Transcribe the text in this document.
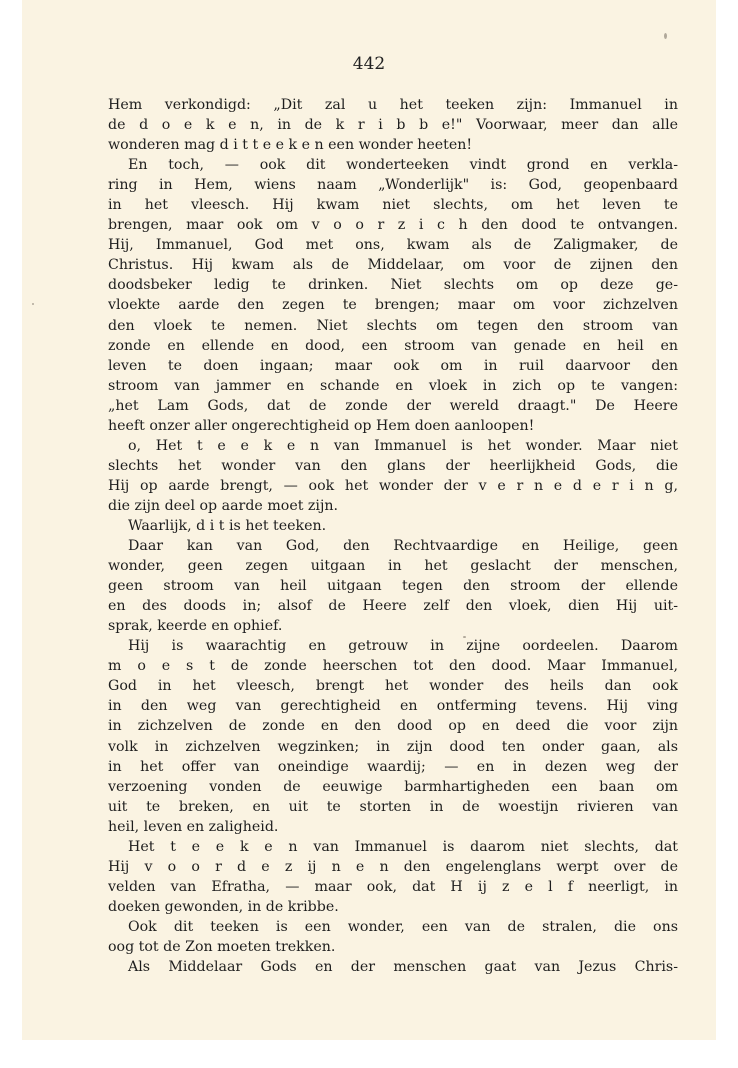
442
Hem verkondigd: „Dit zal u het teeken zijn: Immanuel in
de d o e k e n, in de k r i b b e!" Voorwaar, meer dan alle
wonderen mag d i t t e e k e n een wonder heeten!
En toch, — ook dit wonderteeken vindt grond en verkla-
ring in Hem, wiens naam „Wonderlijk" is: God, geopenbaard
in het vleesch. Hij kwam niet slechts, om het leven te
brengen, maar ook om v o o r z i c h den dood te ontvangen.
Hij, Immanuel, God met ons, kwam als de Zaligmaker, de
Christus. Hij kwam als de Middelaar, om voor de zijnen den
doodsbeker ledig te drinken. Niet slechts om op deze ge-
vloekte aarde den zegen te brengen; maar om voor zichzelven
den vloek te nemen. Niet slechts om tegen den stroom van
zonde en ellende en dood, een stroom van genade en heil en
leven te doen ingaan; maar ook om in ruil daarvoor den
stroom van jammer en schande en vloek in zich op te vangen:
„het Lam Gods, dat de zonde der wereld draagt." De Heere
heeft onzer aller ongerechtigheid op Hem doen aanloopen!
o, Het t e e k e n van Immanuel is het wonder. Maar niet
slechts het wonder van den glans der heerlijkheid Gods, die
Hij op aarde brengt, — ook het wonder der v e r n e d e r i n g,
die zijn deel op aarde moet zijn.
Waarlijk, d i t is het teeken.
Daar kan van God, den Rechtvaardige en Heilige, geen
wonder, geen zegen uitgaan in het geslacht der menschen,
geen stroom van heil uitgaan tegen den stroom der ellende
en des doods in; alsof de Heere zelf den vloek, dien Hij uit-
sprak, keerde en ophief.
Hij is waarachtig en getrouw in zijne oordeelen. Daarom
m o e s t de zonde heerschen tot den dood. Maar Immanuel,
God in het vleesch, brengt het wonder des heils dan ook
in den weg van gerechtigheid en ontferming tevens. Hij ving
in zichzelven de zonde en den dood op en deed die voor zijn
volk in zichzelven wegzinken; in zijn dood ten onder gaan, als
in het offer van oneindige waardij; — en in dezen weg der
verzoening vonden de eeuwige barmhartigheden een baan om
uit te breken, en uit te storten in de woestijn rivieren van
heil, leven en zaligheid.
Het t e e k e n van Immanuel is daarom niet slechts, dat
Hij v o o r d e z ij n e n den engelenglans werpt over de
velden van Efratha, — maar ook, dat H ij z e l f neerligt, in
doeken gewonden, in de kribbe.
Ook dit teeken is een wonder, een van de stralen, die ons
oog tot de Zon moeten trekken.
Als Middelaar Gods en der menschen gaat van Jezus Chris-
